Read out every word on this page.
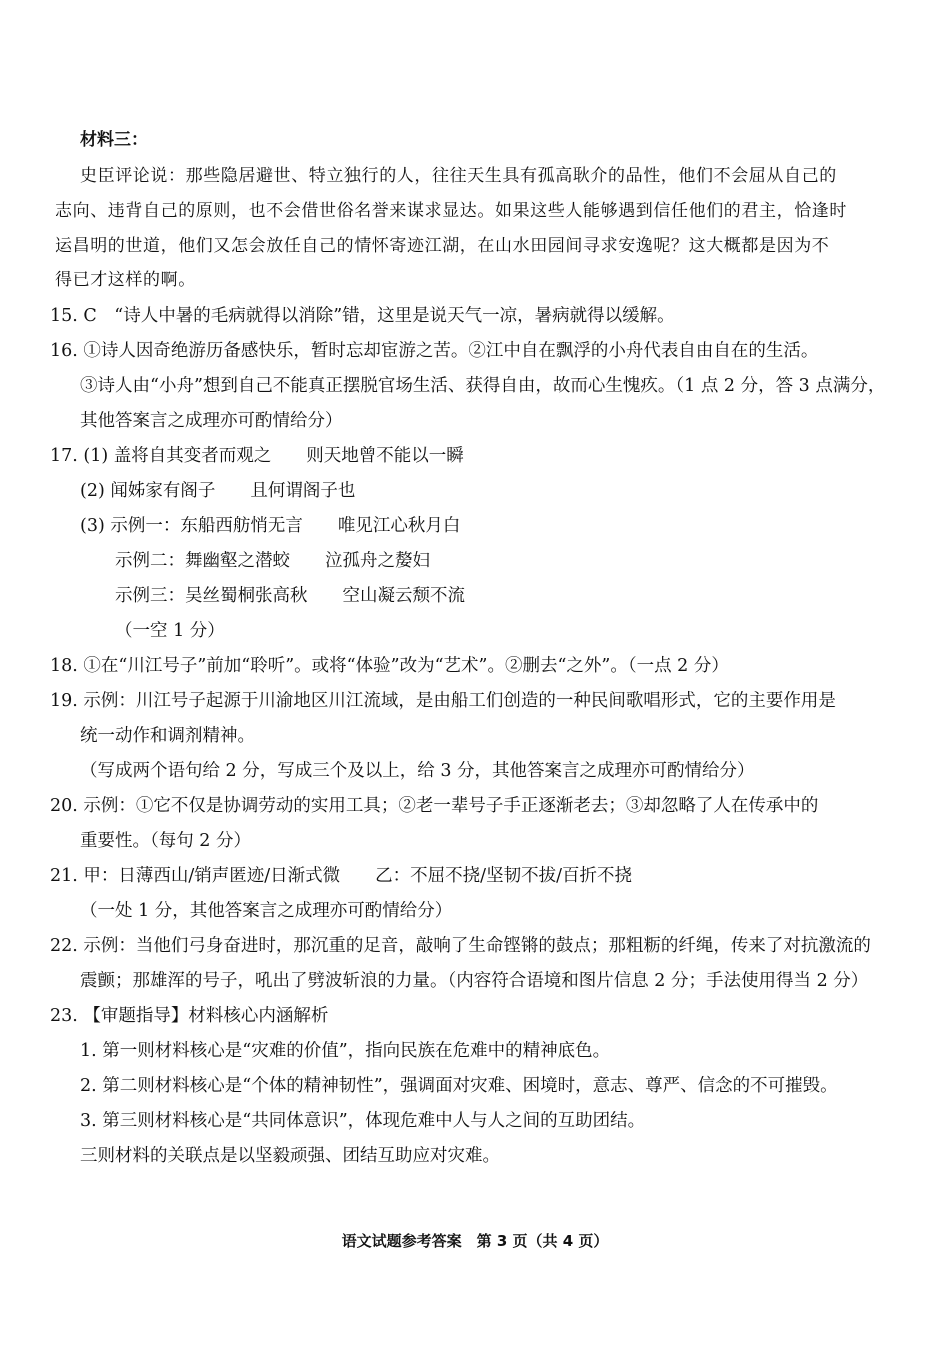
材料三：
史臣评论说：那些隐居避世、特立独行的人，往往天生具有孤高耿介的品性，他们不会屈从自己的
志向、违背自己的原则，也不会借世俗名誉来谋求显达。如果这些人能够遇到信任他们的君主，恰逢时
运昌明的世道，他们又怎会放任自己的情怀寄迹江湖，在山水田园间寻求安逸呢？这大概都是因为不
得已才这样的啊。
15. C　“诗人中暑的毛病就得以消除”错，这里是说天气一凉，暑病就得以缓解。
16. ①诗人因奇绝游历备感快乐，暂时忘却宦游之苦。②江中自在飘浮的小舟代表自由自在的生活。
③诗人由“小舟”想到自己不能真正摆脱官场生活、获得自由，故而心生愧疚。（1 点 2 分，答 3 点满分，
其他答案言之成理亦可酌情给分）
17. (1) 盖将自其变者而观之　　则天地曾不能以一瞬
(2) 闻姊家有阁子　　且何谓阁子也
(3) 示例一：东船西舫悄无言　　唯见江心秋月白
示例二：舞幽壑之潜蛟　　泣孤舟之嫠妇
示例三：吴丝蜀桐张高秋　　空山凝云颓不流
（一空 1 分）
18. ①在“川江号子”前加“聆听”。或将“体验”改为“艺术”。②删去“之外”。（一点 2 分）
19. 示例：川江号子起源于川渝地区川江流域，是由船工们创造的一种民间歌唱形式，它的主要作用是
统一动作和调剂精神。
（写成两个语句给 2 分，写成三个及以上，给 3 分，其他答案言之成理亦可酌情给分）
20. 示例：①它不仅是协调劳动的实用工具；②老一辈号子手正逐渐老去；③却忽略了人在传承中的
重要性。（每句 2 分）
21. 甲：日薄西山/销声匿迹/日渐式微　　乙：不屈不挠/坚韧不拔/百折不挠
（一处 1 分，其他答案言之成理亦可酌情给分）
22. 示例：当他们弓身奋进时，那沉重的足音，敲响了生命铿锵的鼓点；那粗粝的纤绳，传来了对抗激流的
震颤；那雄浑的号子，吼出了劈波斩浪的力量。（内容符合语境和图片信息 2 分；手法使用得当 2 分）
23. 【审题指导】材料核心内涵解析
1. 第一则材料核心是“灾难的价值”，指向民族在危难中的精神底色。
2. 第二则材料核心是“个体的精神韧性”，强调面对灾难、困境时，意志、尊严、信念的不可摧毁。
3. 第三则材料核心是“共同体意识”，体现危难中人与人之间的互助团结。
三则材料的关联点是以坚毅顽强、团结互助应对灾难。
语文试题参考答案　第 3 页（共 4 页）
